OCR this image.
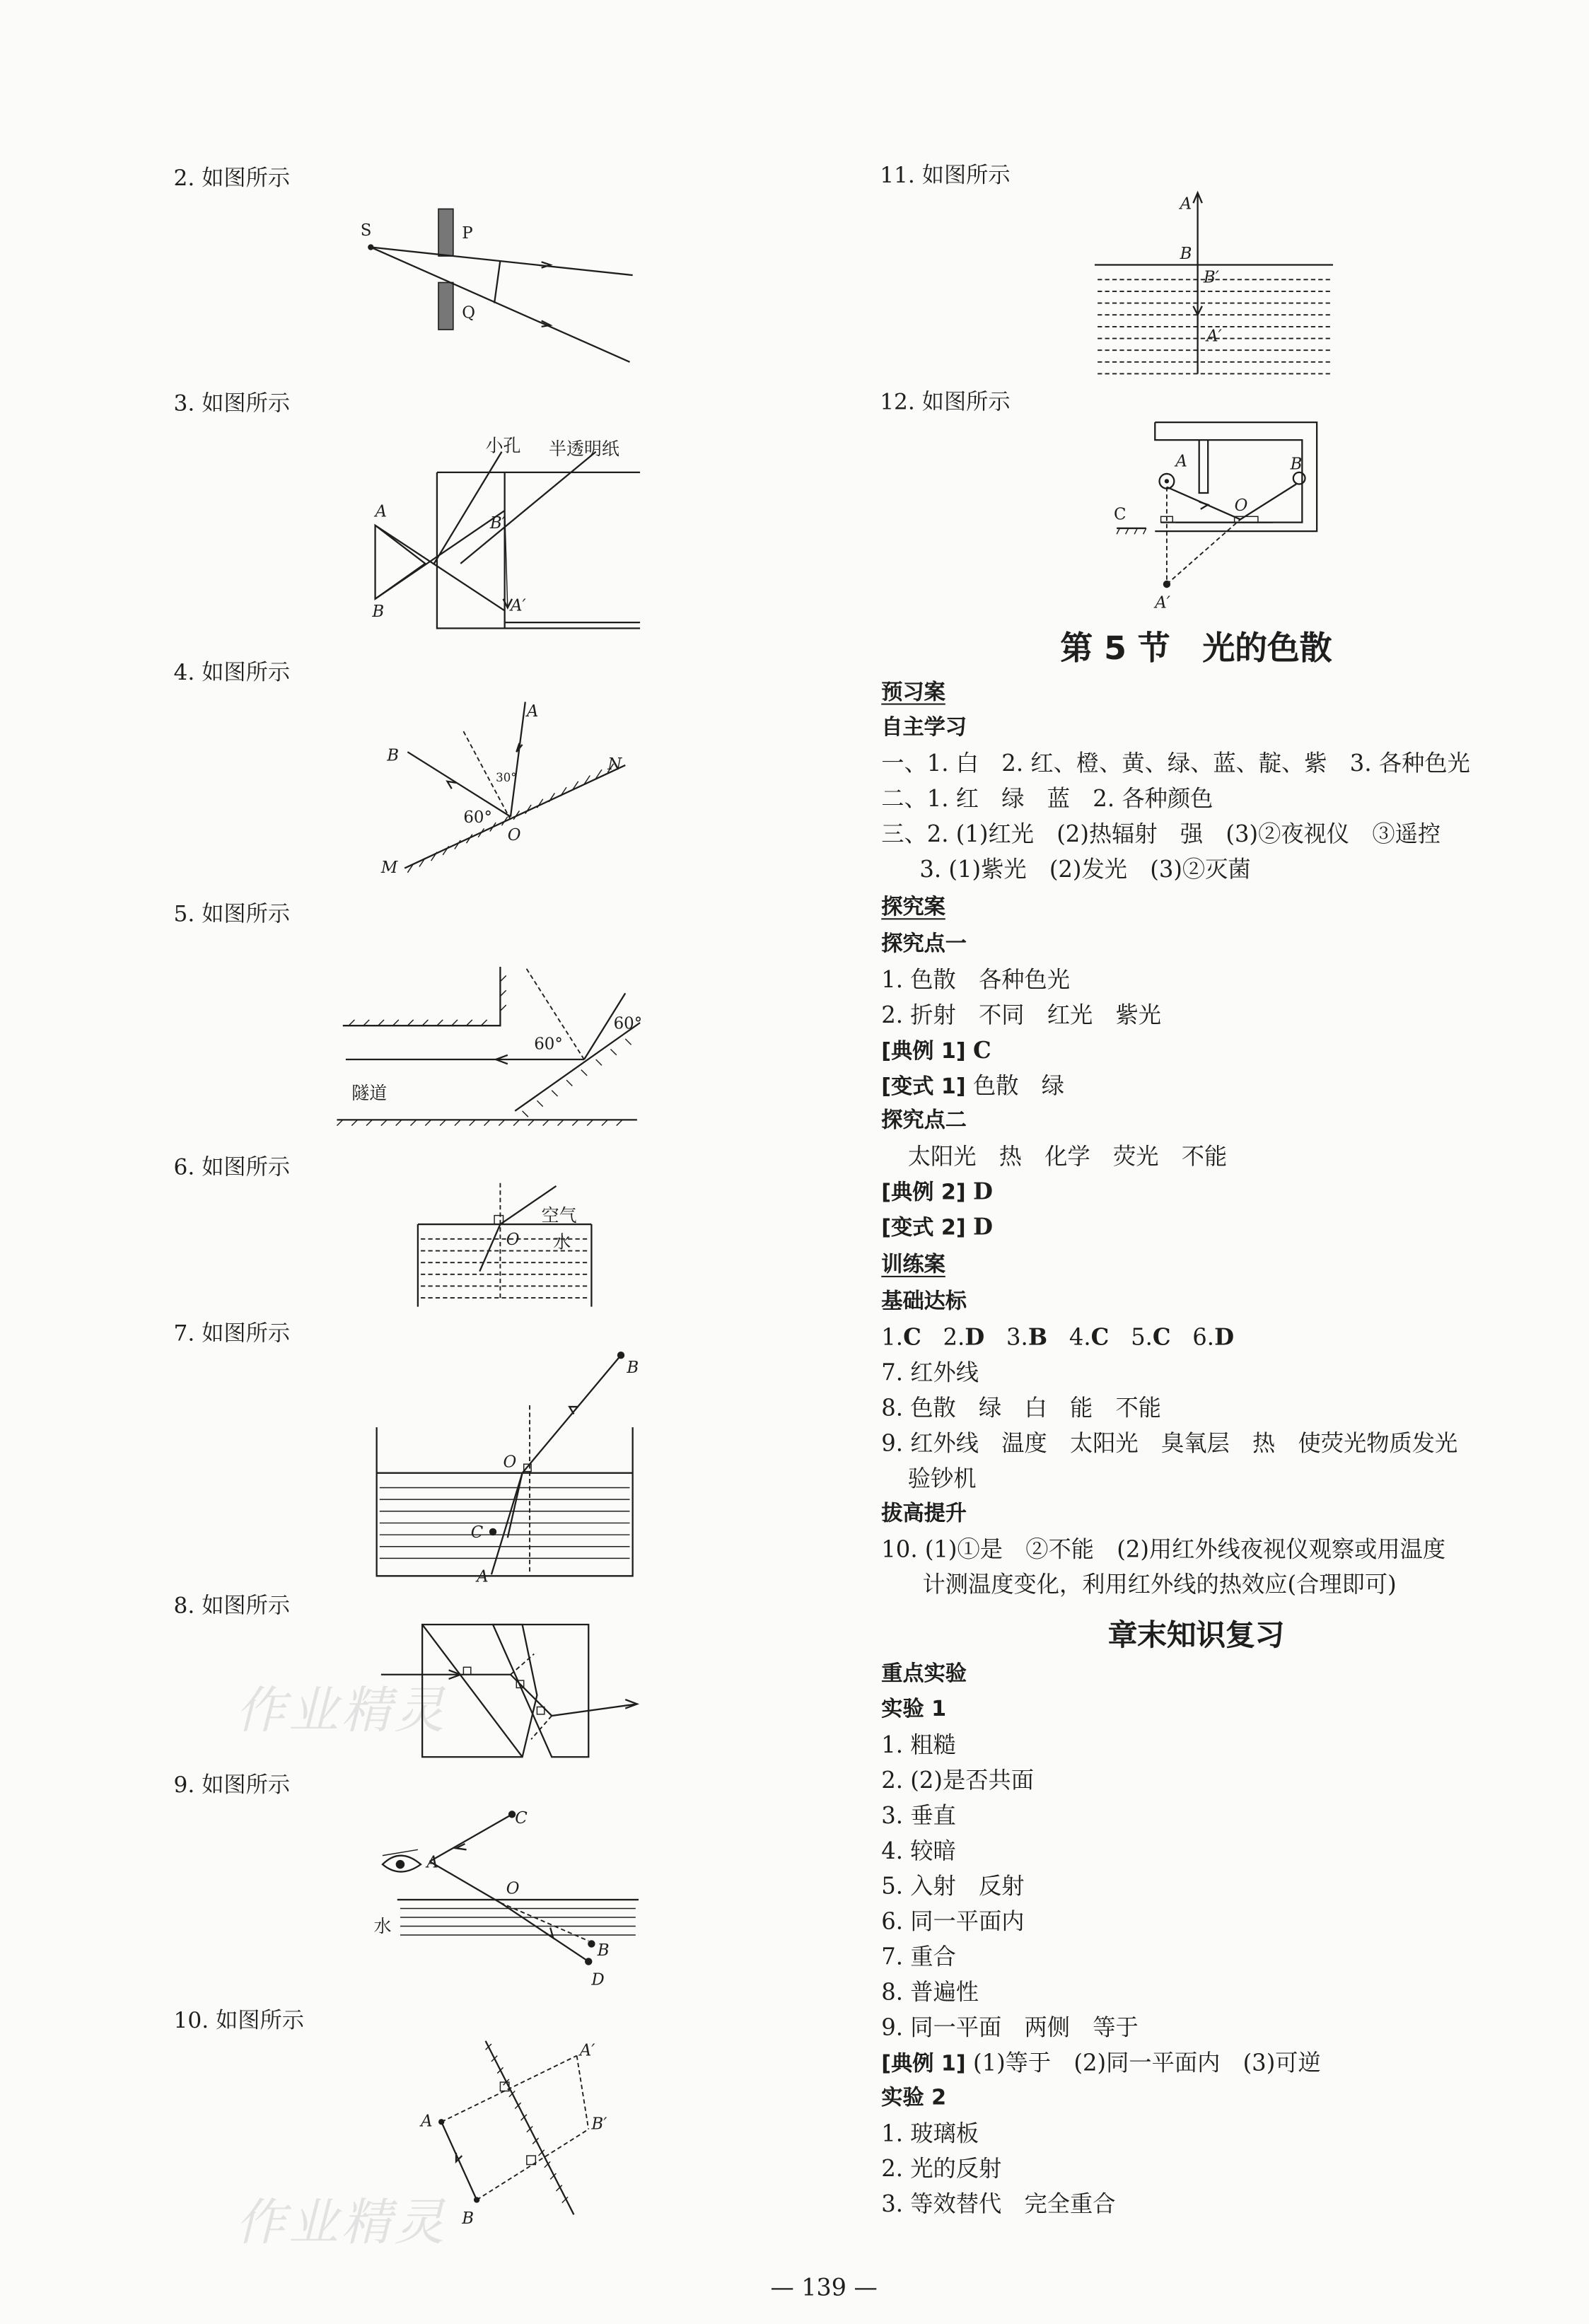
作业精灵
作业精灵
2. 如图所示
S	P
Q
3. 如图所示
小孔	半透明纸
A
B
B′
A′
4. 如图所示
A
B	N
M
O
30°
60°
5. 如图所示
60°
60°
隧道
6. 如图所示
空气
水
O
7. 如图所示
B
O
C
A
8. 如图所示
9. 如图所示
C
A
O
水
B
D
10. 如图所示
A′
A	B′
B
11. 如图所示
A
B
B′
A′
12. 如图所示
A	B
C	O
A′
第 5 节　光的色散
预习案
自主学习
一、1. 白　2. 红、橙、黄、绿、蓝、靛、紫　3. 各种色光
二、1. 红　绿　蓝　2. 各种颜色
三、2. (1)红光　(2)热辐射　强　(3)②夜视仪　③遥控
3. (1)紫光　(2)发光　(3)②灭菌
探究案
探究点一
1. 色散　各种色光
2. 折射　不同　红光　紫光
[典例 1] C
[变式 1] 色散　绿
探究点二
太阳光　热　化学　荧光　不能
[典例 2] D
[变式 2] D
训练案
基础达标
1.C 2.D 3.B 4.C 5.C 6.D
7. 红外线
8. 色散　绿　白　能　不能
9. 红外线　温度　太阳光　臭氧层　热　使荧光物质发光
验钞机
拔高提升
10. (1)①是　②不能　(2)用红外线夜视仪观察或用温度
计测温度变化，利用红外线的热效应(合理即可)
章末知识复习
重点实验
实验 1
1. 粗糙
2. (2)是否共面
3. 垂直
4. 较暗
5. 入射　反射
6. 同一平面内
7. 重合
8. 普遍性
9. 同一平面　两侧　等于
[典例 1] (1)等于　(2)同一平面内　(3)可逆
实验 2
1. 玻璃板
2. 光的反射
3. 等效替代　完全重合
— 139 —
